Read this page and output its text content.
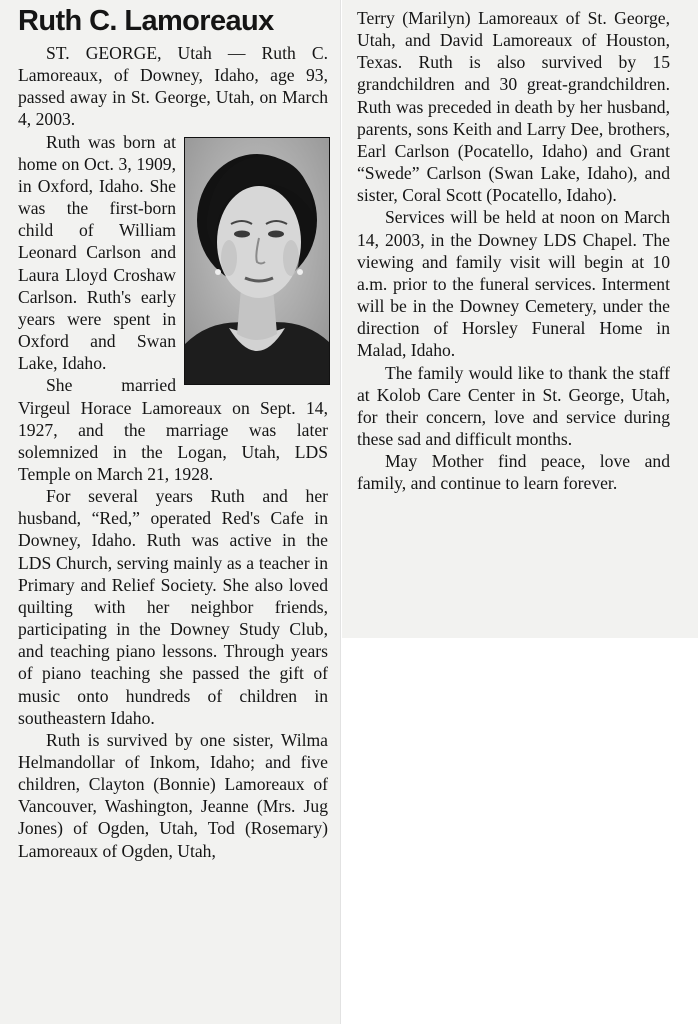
Ruth C. Lamoreaux

ST. GEORGE, Utah — Ruth C. Lamoreaux, of Downey, Idaho, age 93, passed away in St. George, Utah, on March 4, 2003.

Ruth was born at home on Oct. 3, 1909, in Oxford, Idaho. She was the first-born child of William Leonard Carlson and Laura Lloyd Croshaw Carlson. Ruth's early years were spent in Oxford and Swan Lake, Idaho.

She married Virgeul Horace Lamoreaux on Sept. 14, 1927, and the marriage was later solemnized in the Logan, Utah, LDS Temple on March 21, 1928.

For several years Ruth and her husband, “Red,” operated Red's Cafe in Downey, Idaho. Ruth was active in the LDS Church, serving mainly as a teacher in Primary and Relief Society. She also loved quilting with her neighbor friends, participating in the Downey Study Club, and teaching piano lessons. Through years of piano teaching she passed the gift of music onto hundreds of children in southeastern Idaho.

Ruth is survived by one sister, Wilma Helmandollar of Inkom, Idaho; and five children, Clayton (Bonnie) Lamoreaux of Vancouver, Washington, Jeanne (Mrs. Jug Jones) of Ogden, Utah, Tod (Rosemary) Lamoreaux of Ogden, Utah,

Terry (Marilyn) Lamoreaux of St. George, Utah, and David Lamoreaux of Houston, Texas. Ruth is also survived by 15 grandchildren and 30 great-grandchildren. Ruth was preceded in death by her husband, parents, sons Keith and Larry Dee, brothers, Earl Carlson (Pocatello, Idaho) and Grant “Swede” Carlson (Swan Lake, Idaho), and sister, Coral Scott (Pocatello, Idaho).

Services will be held at noon on March 14, 2003, in the Downey LDS Chapel. The viewing and family visit will begin at 10 a.m. prior to the funeral services. Interment will be in the Downey Cemetery, under the direction of Horsley Funeral Home in Malad, Idaho.

The family would like to thank the staff at Kolob Care Center in St. George, Utah, for their concern, love and service during these sad and difficult months.

May Mother find peace, love and family, and continue to learn forever.
